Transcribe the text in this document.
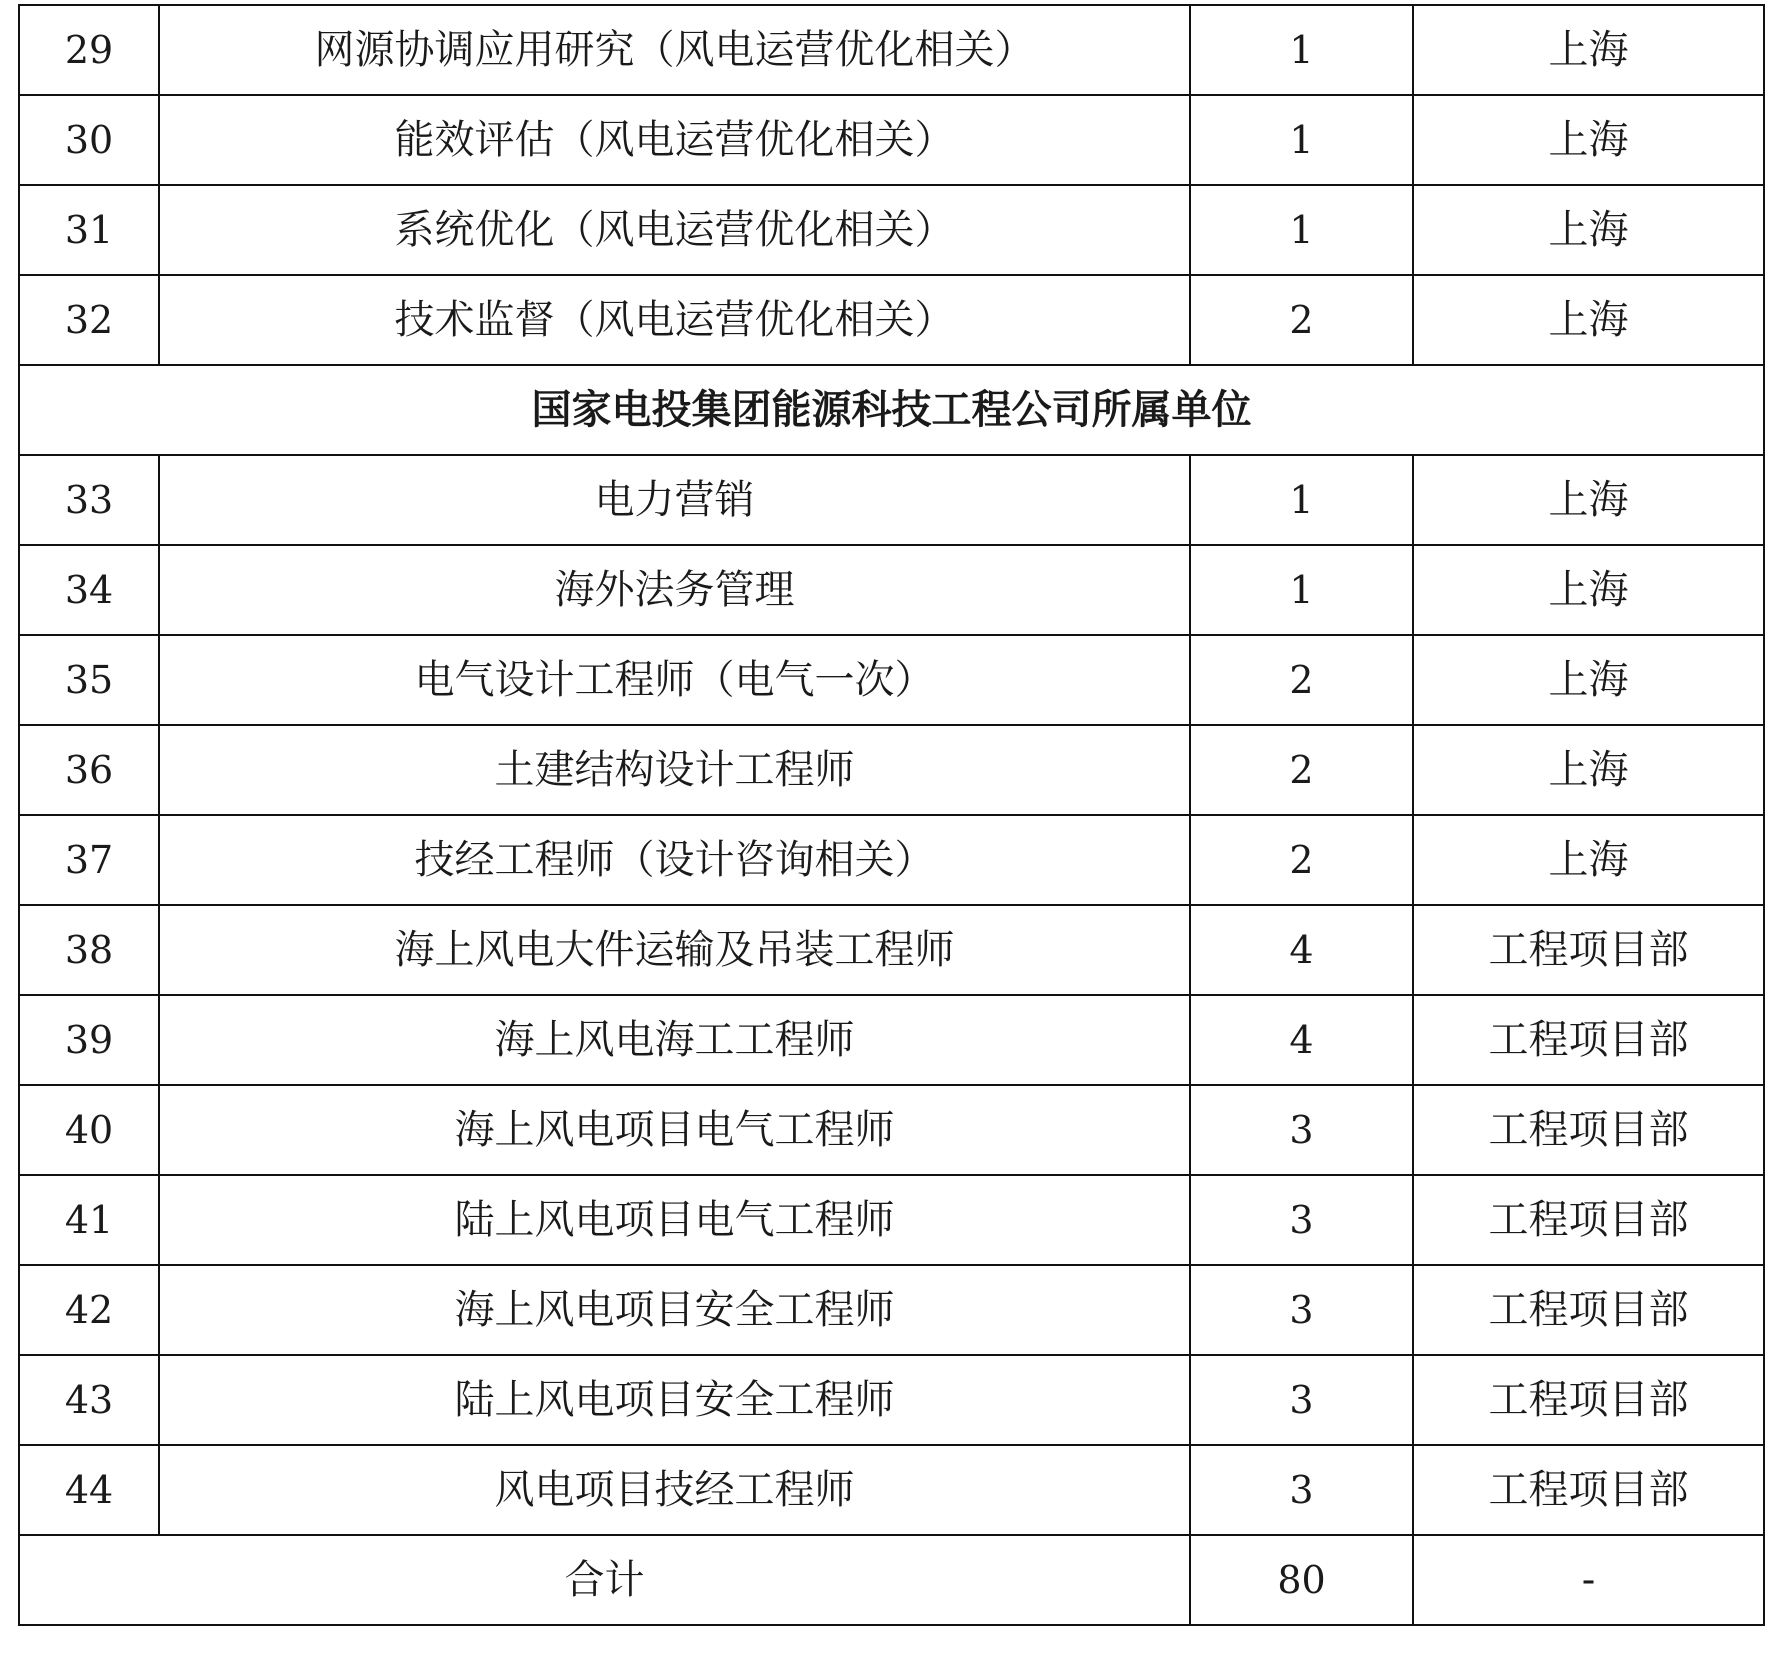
29	网源协调应用研究（风电运营优化相关）	1	上海
30	能效评估（风电运营优化相关）	1	上海
31	系统优化（风电运营优化相关）	1	上海
32	技术监督（风电运营优化相关）	2	上海
国家电投集团能源科技工程公司所属单位			
33	电力营销	1	上海
34	海外法务管理	1	上海
35	电气设计工程师（电气一次）	2	上海
36	土建结构设计工程师	2	上海
37	技经工程师（设计咨询相关）	2	上海
38	海上风电大件运输及吊装工程师	4	工程项目部
39	海上风电海工工程师	4	工程项目部
40	海上风电项目电气工程师	3	工程项目部
41	陆上风电项目电气工程师	3	工程项目部
42	海上风电项目安全工程师	3	工程项目部
43	陆上风电项目安全工程师	3	工程项目部
44	风电项目技经工程师	3	工程项目部
合计		80	-
